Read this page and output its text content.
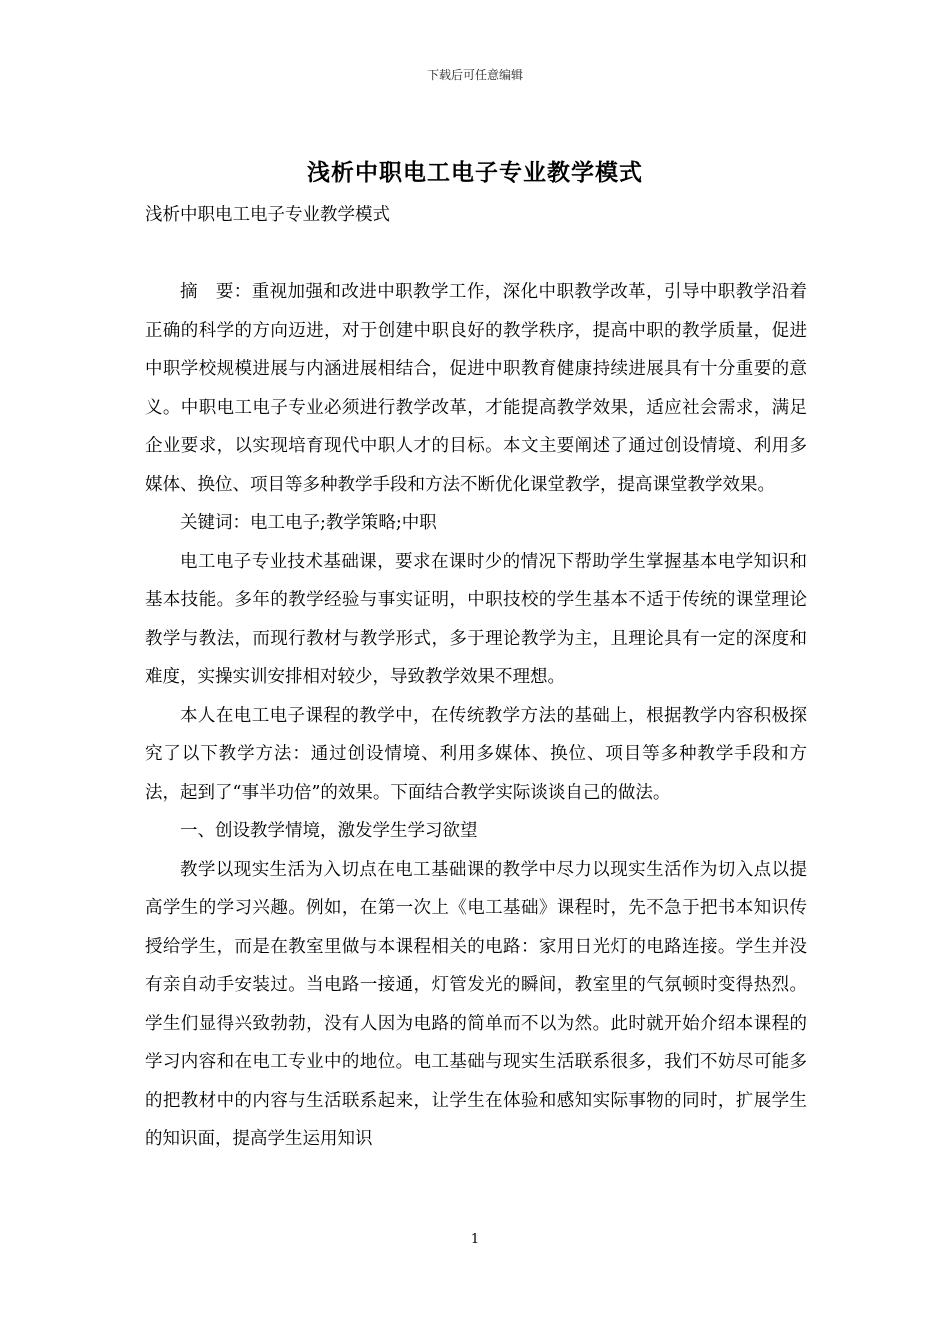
下载后可任意编辑
浅析中职电工电子专业教学模式

浅析中职电工电子专业教学模式

摘　要：重视加强和改进中职教学工作，深化中职教学改革，引导中职教学沿着正确的科学的方向迈进，对于创建中职良好的教学秩序，提高中职的教学质量，促进中职学校规模进展与内涵进展相结合，促进中职教育健康持续进展具有十分重要的意义。中职电工电子专业必须进行教学改革，才能提高教学效果，适应社会需求，满足企业要求，以实现培育现代中职人才的目标。本文主要阐述了通过创设情境、利用多媒体、换位、项目等多种教学手段和方法不断优化课堂教学，提高课堂教学效果。

关键词：电工电子;教学策略;中职

电工电子专业技术基础课，要求在课时少的情况下帮助学生掌握基本电学知识和基本技能。多年的教学经验与事实证明，中职技校的学生基本不适于传统的课堂理论教学与教法，而现行教材与教学形式，多于理论教学为主，且理论具有一定的深度和难度，实操实训安排相对较少，导致教学效果不理想。

本人在电工电子课程的教学中，在传统教学方法的基础上，根据教学内容积极探究了以下教学方法：通过创设情境、利用多媒体、换位、项目等多种教学手段和方法，起到了“事半功倍”的效果。下面结合教学实际谈谈自己的做法。

一、创设教学情境，激发学生学习欲望

教学以现实生活为入切点在电工基础课的教学中尽力以现实生活作为切入点以提高学生的学习兴趣。例如，在第一次上《电工基础》课程时，先不急于把书本知识传授给学生，而是在教室里做与本课程相关的电路：家用日光灯的电路连接。学生并没有亲自动手安装过。当电路一接通，灯管发光的瞬间，教室里的气氛顿时变得热烈。学生们显得兴致勃勃，没有人因为电路的简单而不以为然。此时就开始介绍本课程的学习内容和在电工专业中的地位。电工基础与现实生活联系很多，我们不妨尽可能多的把教材中的内容与生活联系起来，让学生在体验和感知实际事物的同时，扩展学生的知识面，提高学生运用知识

1
